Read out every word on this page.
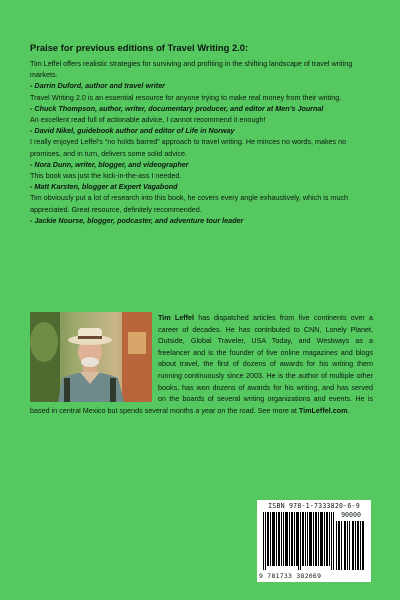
Praise for previous editions of Travel Writing 2.0:

Tim Leffel offers realistic strategies for surviving and profiting in the shifting landscape of travel writing markets.

- Darrin Duford, author and travel writer

Travel Writing 2.0 is an essential resource for anyone trying to make real money from their writing.

- Chuck Thompson, author, writer, documentary producer, and editor at Men’s Journal

An excellent read full of actionable advice, I cannot recommend it enough!

- David Nikel, guidebook author and editor of Life in Norway

I really enjoyed Leffel’s “no holds barred” approach to travel writing. He minces no words, makes no promises, and in turn, delivers some solid advice.

- Nora Dunn, writer, blogger, and videographer

This book was just the kick-in-the-ass I needed.

- Matt Karsten, blogger at Expert Vagabond

Tim obviously put a lot of research into this book, he covers every angle exhaustively, which is much appreciated. Great resource, definitely recommended.

- Jackie Nourse, blogger, podcaster, and adventure tour leader

Tim Leffel has dispatched articles from five continents over a career of decades. He has contributed to CNN, Lonely Planet, Outside, Global Traveler, USA Today, and Westways as a freelancer and is the founder of five online magazines and blogs about travel, the first of dozens of awards for his writing them running continuously since 2003. He is the author of multiple other books, has won dozens of awards for his writing, and has served on the boards of several writing organizations and events. He is based in central Mexico but spends several months a year on the road. See more at TimLeffel.com.
ISBN 978-1-7333820-6-9
90000
9 781733 382069
